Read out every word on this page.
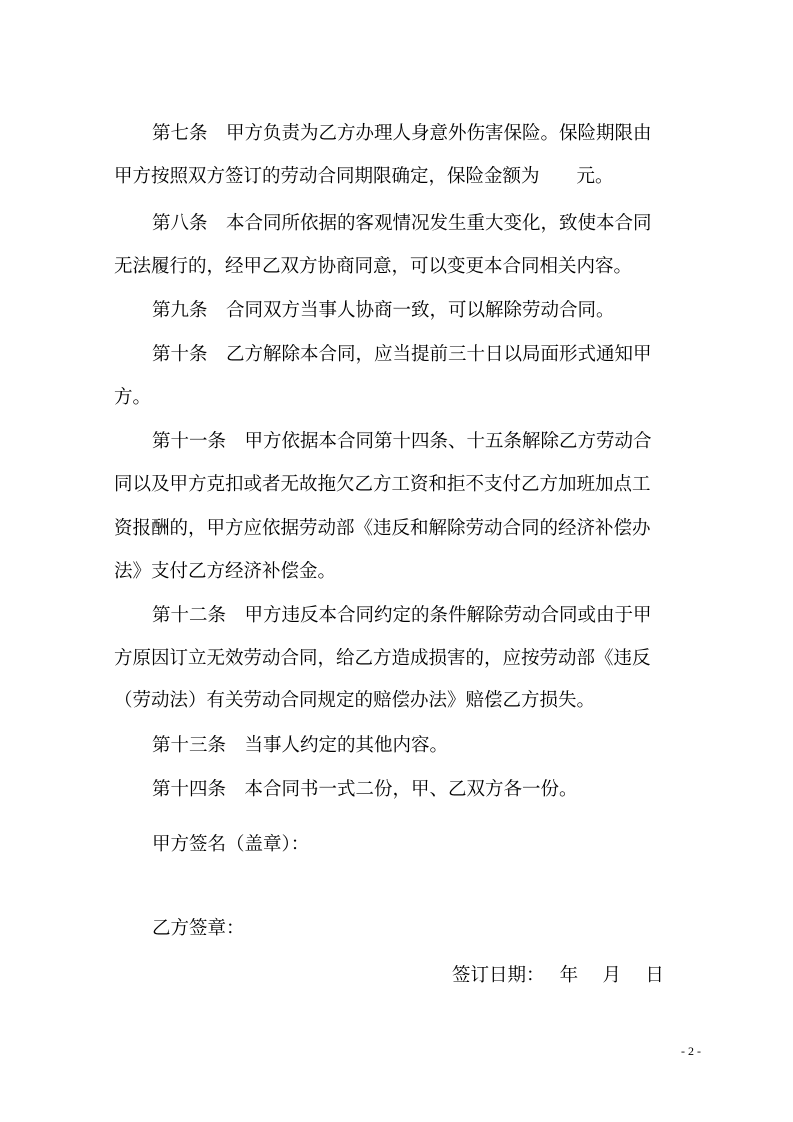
第七条　甲方负责为乙方办理人身意外伤害保险。保险期限由
甲方按照双方签订的劳动合同期限确定，保险金额为　　元。
第八条　本合同所依据的客观情况发生重大变化，致使本合同
无法履行的，经甲乙双方协商同意，可以变更本合同相关内容。
第九条　合同双方当事人协商一致，可以解除劳动合同。
第十条　乙方解除本合同，应当提前三十日以局面形式通知甲
方。
第十一条　甲方依据本合同第十四条、十五条解除乙方劳动合
同以及甲方克扣或者无故拖欠乙方工资和拒不支付乙方加班加点工
资报酬的，甲方应依据劳动部《违反和解除劳动合同的经济补偿办
法》支付乙方经济补偿金。
第十二条　甲方违反本合同约定的条件解除劳动合同或由于甲
方原因订立无效劳动合同，给乙方造成损害的，应按劳动部《违反
（劳动法）有关劳动合同规定的赔偿办法》赔偿乙方损失。
第十三条　当事人约定的其他内容。
第十四条　本合同书一式二份，甲、乙双方各一份。
甲方签名（盖章）：
乙方签章：
签订日期：　 年　 月　 日
- 2 -
